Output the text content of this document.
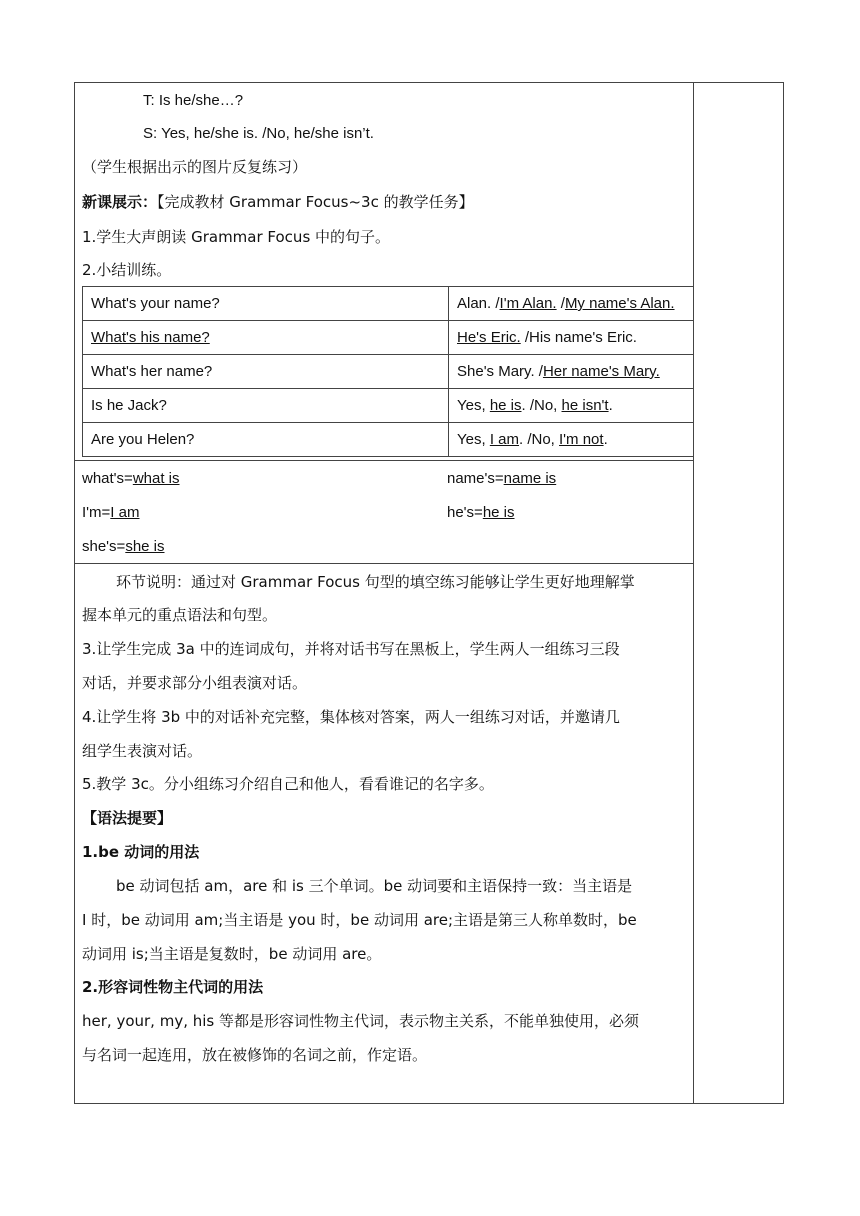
T: Is he/she…?
S: Yes, he/she is. /No, he/she isn’t.
（学生根据出示的图片反复练习）
新课展示：【完成教材 Grammar Focus~3c 的教学任务】
1.学生大声朗读 Grammar Focus 中的句子。
2.小结训练。
What's your name?	Alan. /I'm Alan. /My name's Alan.
What's his name?	He's Eric. /His name's Eric.
What's her name?	She's Mary. /Her name's Mary.
Is he Jack?	Yes, he is. /No, he isn't.
Are you Helen?	Yes, I am. /No, I'm not.
what's=what is	name's=name is
I'm=I am	he's=he is
she's=she is
环节说明：通过对 Grammar Focus 句型的填空练习能够让学生更好地理解掌
握本单元的重点语法和句型。
3.让学生完成 3a 中的连词成句，并将对话书写在黑板上，学生两人一组练习三段
对话，并要求部分小组表演对话。
4.让学生将 3b 中的对话补充完整，集体核对答案，两人一组练习对话，并邀请几
组学生表演对话。
5.教学 3c。分小组练习介绍自己和他人，看看谁记的名字多。
【语法提要】
1.be 动词的用法
be 动词包括 am，are 和 is 三个单词。be 动词要和主语保持一致：当主语是
I 时，be 动词用 am;当主语是 you 时，be 动词用 are;主语是第三人称单数时，be
动词用 is;当主语是复数时，be 动词用 are。
2.形容词性物主代词的用法
her, your, my, his 等都是形容词性物主代词，表示物主关系，不能单独使用，必须
与名词一起连用，放在被修饰的名词之前，作定语。
